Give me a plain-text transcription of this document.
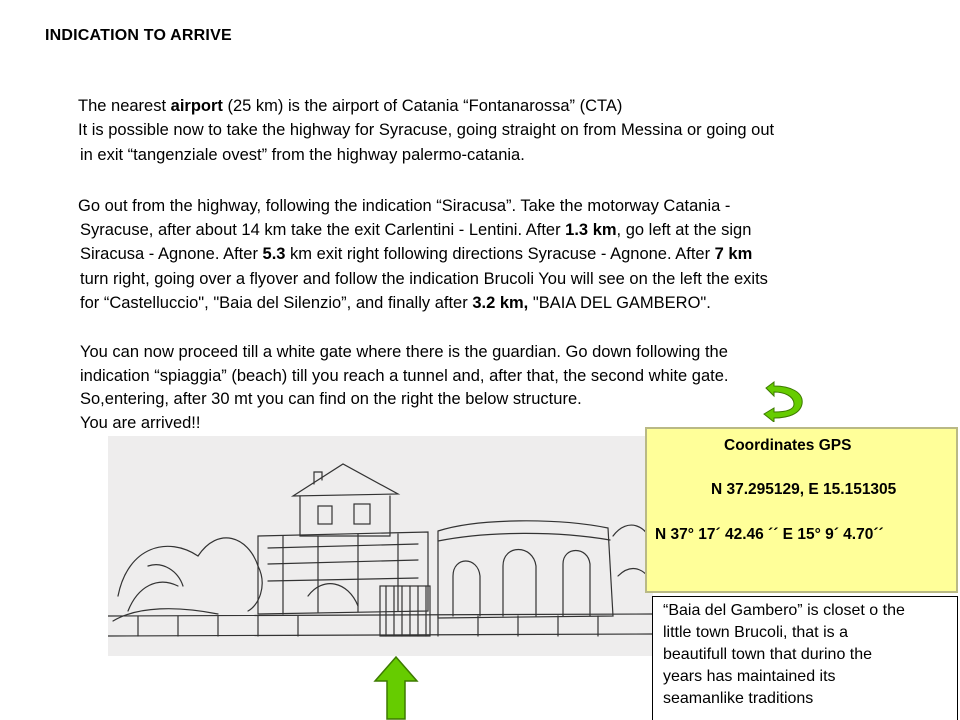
INDICATION TO ARRIVE
The nearest airport (25 km) is the airport of Catania “Fontanarossa” (CTA)
It is possible now to take the highway for Syracuse, going straight on from Messina or going out
in exit “tangenziale ovest” from the highway palermo-catania.
Go out from the highway, following the indication “Siracusa”. Take the motorway Catania -
Syracuse, after about 14 km take the exit Carlentini - Lentini. After 1.3 km, go left at the sign
Siracusa - Agnone. After 5.3 km exit right following directions Syracuse - Agnone. After 7 km
turn right, going over a flyover and follow the indication Brucoli You will see on the left the exits
for “Castelluccio", "Baia del Silenzio”, and finally after 3.2 km, "BAIA DEL GAMBERO".
You can now proceed till a white gate where there is the guardian. Go down following the
indication “spiaggia” (beach) till you reach a tunnel and, after that, the second white gate.
So,entering, after 30 mt you can find on the right the below structure.
You are arrived!!
Coordinates GPS
N 37.295129, E 15.151305
N 37° 17´ 42.46 ´´ E 15° 9´ 4.70´´
“Baia del Gambero” is closet o the
little town Brucoli, that is a
beautifull town that durino the
years has maintained its
seamanlike traditions
